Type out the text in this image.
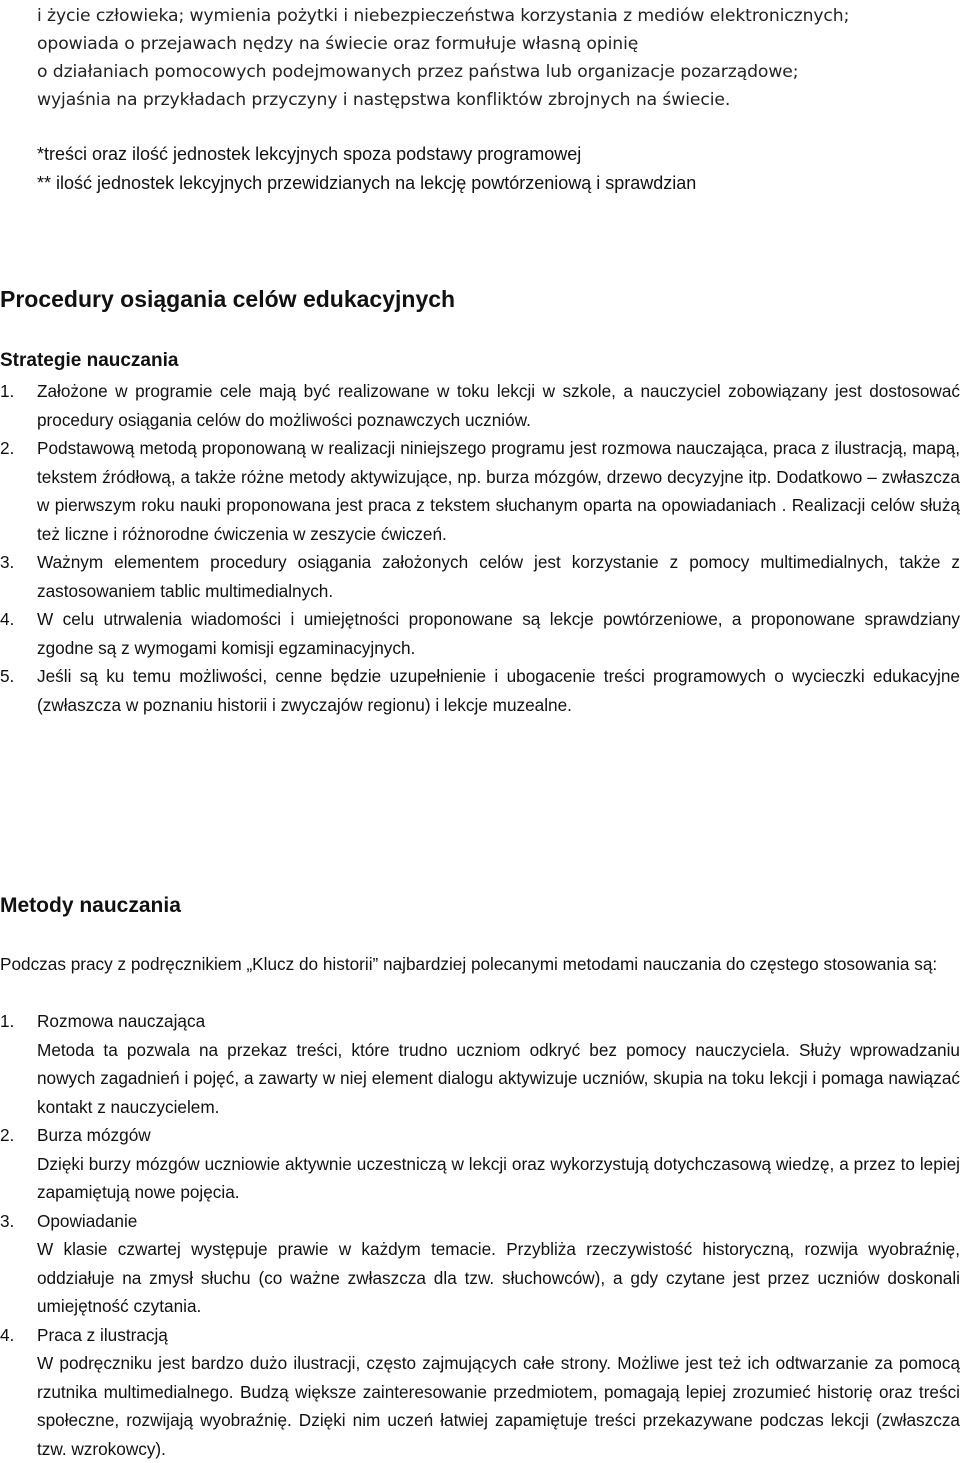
i życie człowieka; wymienia pożytki i niebezpieczeństwa korzystania z mediów elektronicznych;
opowiada o przejawach nędzy na świecie oraz formułuje własną opinię
o działaniach pomocowych podejmowanych przez państwa lub organizacje pozarządowe;
wyjaśnia na przykładach przyczyny i następstwa konfliktów zbrojnych na świecie.
*treści oraz ilość jednostek lekcyjnych spoza podstawy programowej
** ilość jednostek lekcyjnych przewidzianych na lekcję powtórzeniową i sprawdzian
Procedury osiągania celów edukacyjnych
Strategie nauczania
1. Założone w programie cele mają być realizowane w toku lekcji w szkole, a nauczyciel zobowiązany jest dostosować procedury osiągania celów do możliwości poznawczych uczniów.
2. Podstawową metodą proponowaną w realizacji niniejszego programu jest rozmowa nauczająca, praca z ilustracją, mapą, tekstem źródłową, a także różne metody aktywizujące, np. burza mózgów, drzewo decyzyjne itp. Dodatkowo – zwłaszcza w pierwszym roku nauki proponowana jest praca z tekstem słuchanym oparta na opowiadaniach . Realizacji celów służą też liczne i różnorodne ćwiczenia w zeszycie ćwiczeń.
3. Ważnym elementem procedury osiągania założonych celów jest korzystanie z pomocy multimedialnych, także z zastosowaniem tablic multimedialnych.
4. W celu utrwalenia wiadomości i umiejętności proponowane są lekcje powtórzeniowe, a proponowane sprawdziany zgodne są z wymogami komisji egzaminacyjnych.
5. Jeśli są ku temu możliwości, cenne będzie uzupełnienie i ubogacenie treści programowych o wycieczki edukacyjne (zwłaszcza w poznaniu historii i zwyczajów regionu) i lekcje muzealne.
Metody nauczania

Podczas pracy z podręcznikiem „Klucz do historii” najbardziej polecanymi metodami nauczania do częstego stosowania są:

1. Rozmowa nauczająca
Metoda ta pozwala na przekaz treści, które trudno uczniom odkryć bez pomocy nauczyciela. Służy wprowadzaniu nowych zagadnień i pojęć, a zawarty w niej element dialogu aktywizuje uczniów, skupia na toku lekcji i pomaga nawiązać kontakt z nauczycielem.
2. Burza mózgów
Dzięki burzy mózgów uczniowie aktywnie uczestniczą w lekcji oraz wykorzystują dotychczasową wiedzę, a przez to lepiej zapamiętują nowe pojęcia.
3. Opowiadanie
W klasie czwartej występuje prawie w każdym temacie. Przybliża rzeczywistość historyczną, rozwija wyobraźnię, oddziałuje na zmysł słuchu (co ważne zwłaszcza dla tzw. słuchowców), a gdy czytane jest przez uczniów doskonali umiejętność czytania.
4. Praca z ilustracją
W podręczniku jest bardzo dużo ilustracji, często zajmujących całe strony. Możliwe jest też ich odtwarzanie za pomocą rzutnika multimedialnego. Budzą większe zainteresowanie przedmiotem, pomagają lepiej zrozumieć historię oraz treści społeczne, rozwijają wyobraźnię. Dzięki nim uczeń łatwiej zapamiętuje treści przekazywane podczas lekcji (zwłaszcza tzw. wzrokowcy).
